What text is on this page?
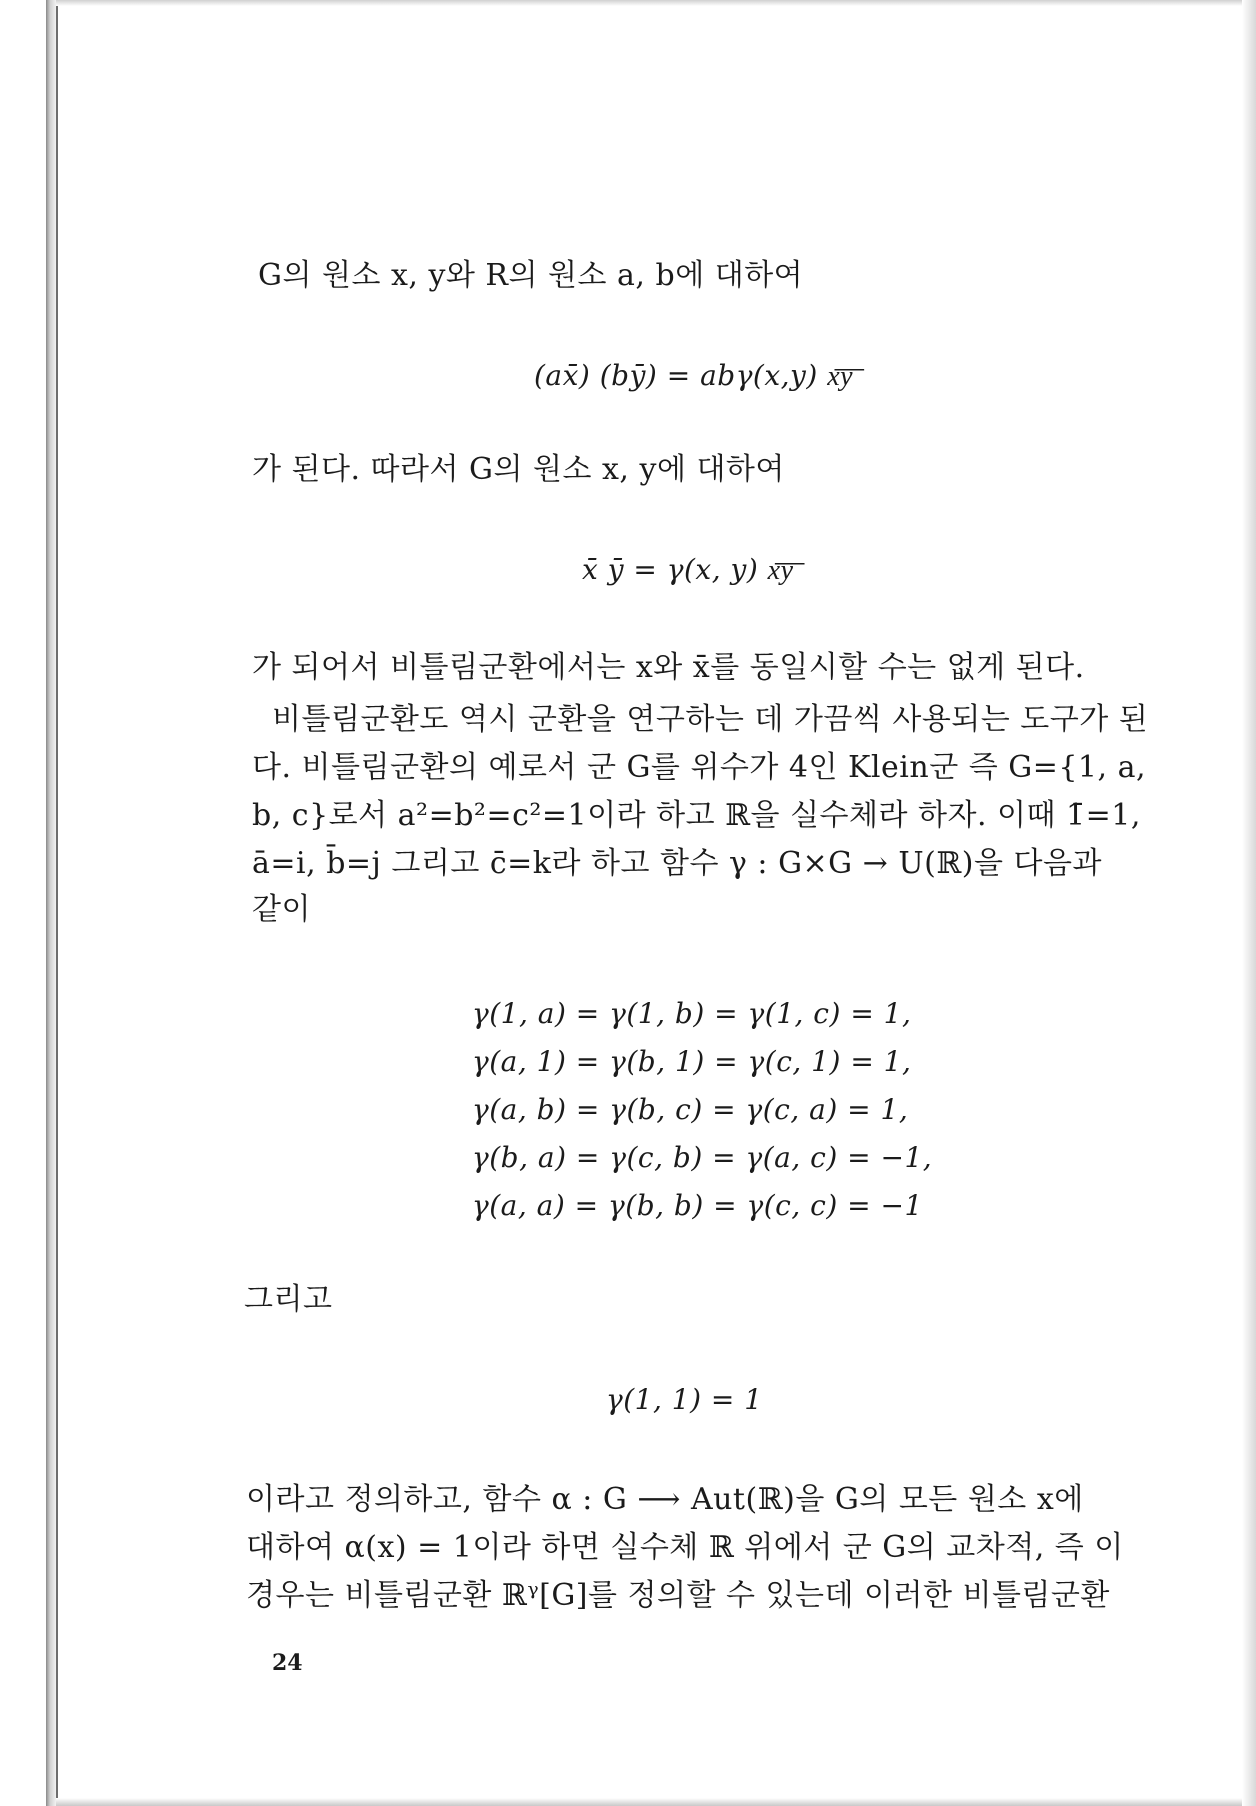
G의 원소 x, y와 R의 원소 a, b에 대하여
(ax̄) (bȳ) = abγ(x,y) x͞y͞
가 된다. 따라서 G의 원소 x, y에 대하여
x̄ ȳ = γ(x, y) x͞y͞
가 되어서 비틀림군환에서는 x와 x̄를 동일시할 수는 없게 된다.
비틀림군환도 역시 군환을 연구하는 데 가끔씩 사용되는 도구가 된
다. 비틀림군환의 예로서 군 G를 위수가 4인 Klein군 즉 G={1, a,
b, c}로서 a²=b²=c²=1이라 하고 ℝ을 실수체라 하자. 이때 1̄=1,
ā=i, b̄=j 그리고 c̄=k라 하고 함수 γ : G×G → U(ℝ)을 다음과
같이
γ(1, a) = γ(1, b) = γ(1, c) = 1,
γ(a, 1) = γ(b, 1) = γ(c, 1) = 1,
γ(a, b) = γ(b, c) = γ(c, a) = 1,
γ(b, a) = γ(c, b) = γ(a, c) = −1,
γ(a, a) = γ(b, b) = γ(c, c) = −1
그리고
γ(1, 1) = 1
이라고 정의하고, 함수 α : G ⟶ Aut(ℝ)을 G의 모든 원소 x에
대하여 α(x) = 1이라 하면 실수체 ℝ 위에서 군 G의 교차적, 즉 이
경우는 비틀림군환 ℝᵞ[G]를 정의할 수 있는데 이러한 비틀림군환
24
